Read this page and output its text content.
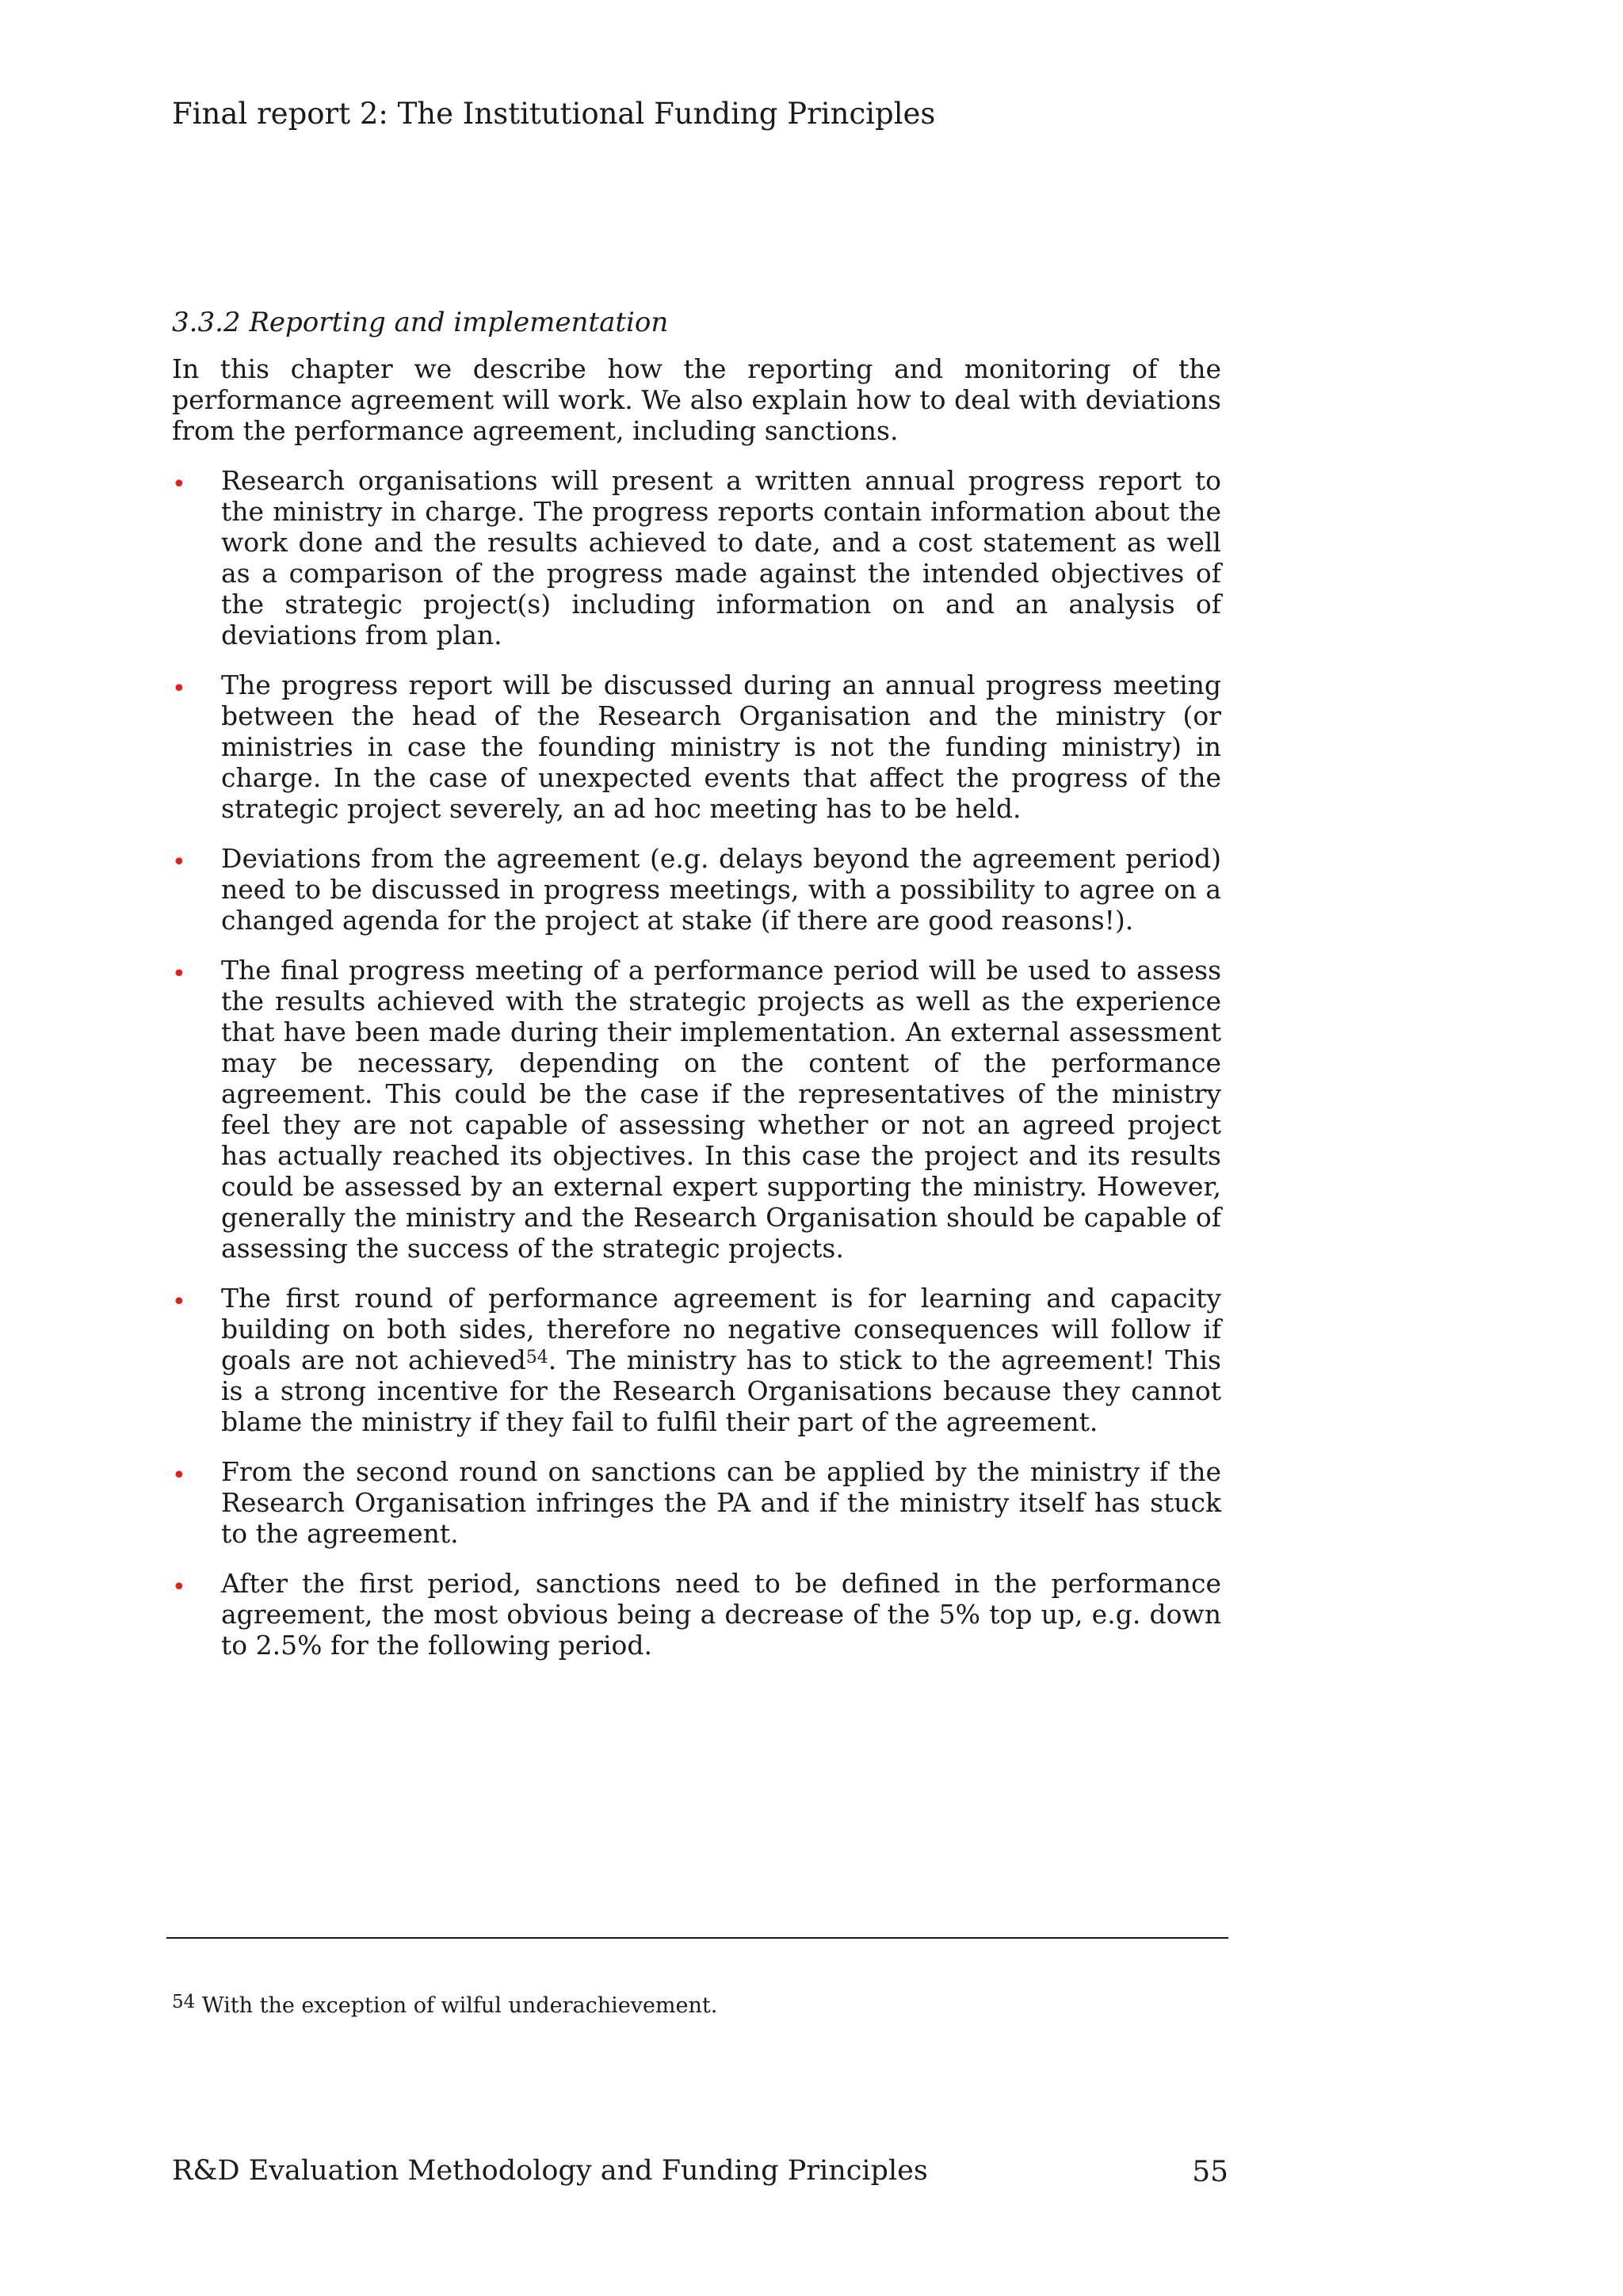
Final report 2: The Institutional Funding Principles
3.3.2 Reporting and implementation

In this chapter we describe how the reporting and monitoring of the performance agreement will work. We also explain how to deal with deviations from the performance agreement, including sanctions.

• Research organisations will present a written annual progress report to the ministry in charge. The progress reports contain information about the work done and the results achieved to date, and a cost statement as well as a comparison of the progress made against the intended objectives of the strategic project(s) including information on and an analysis of deviations from plan.
• The progress report will be discussed during an annual progress meeting between the head of the Research Organisation and the ministry (or ministries in case the founding ministry is not the funding ministry) in charge. In the case of unexpected events that affect the progress of the strategic project severely, an ad hoc meeting has to be held.
• Deviations from the agreement (e.g. delays beyond the agreement period) need to be discussed in progress meetings, with a possibility to agree on a changed agenda for the project at stake (if there are good reasons!).
• The final progress meeting of a performance period will be used to assess the results achieved with the strategic projects as well as the experience that have been made during their implementation. An external assessment may be necessary, depending on the content of the performance agreement. This could be the case if the representatives of the ministry feel they are not capable of assessing whether or not an agreed project has actually reached its objectives. In this case the project and its results could be assessed by an external expert supporting the ministry. However, generally the ministry and the Research Organisation should be capable of assessing the success of the strategic projects.
• The first round of performance agreement is for learning and capacity building on both sides, therefore no negative consequences will follow if goals are not achieved$^{54}$. The ministry has to stick to the agreement! This is a strong incentive for the Research Organisations because they cannot blame the ministry if they fail to fulfil their part of the agreement.
• From the second round on sanctions can be applied by the ministry if the Research Organisation infringes the PA and if the ministry itself has stuck to the agreement.
• After the first period, sanctions need to be defined in the performance agreement, the most obvious being a decrease of the 5% top up, e.g. down to 2.5% for the following period.
$^{54}$ With the exception of wilful underachievement.
R&D Evaluation Methodology and Funding Principles	55
